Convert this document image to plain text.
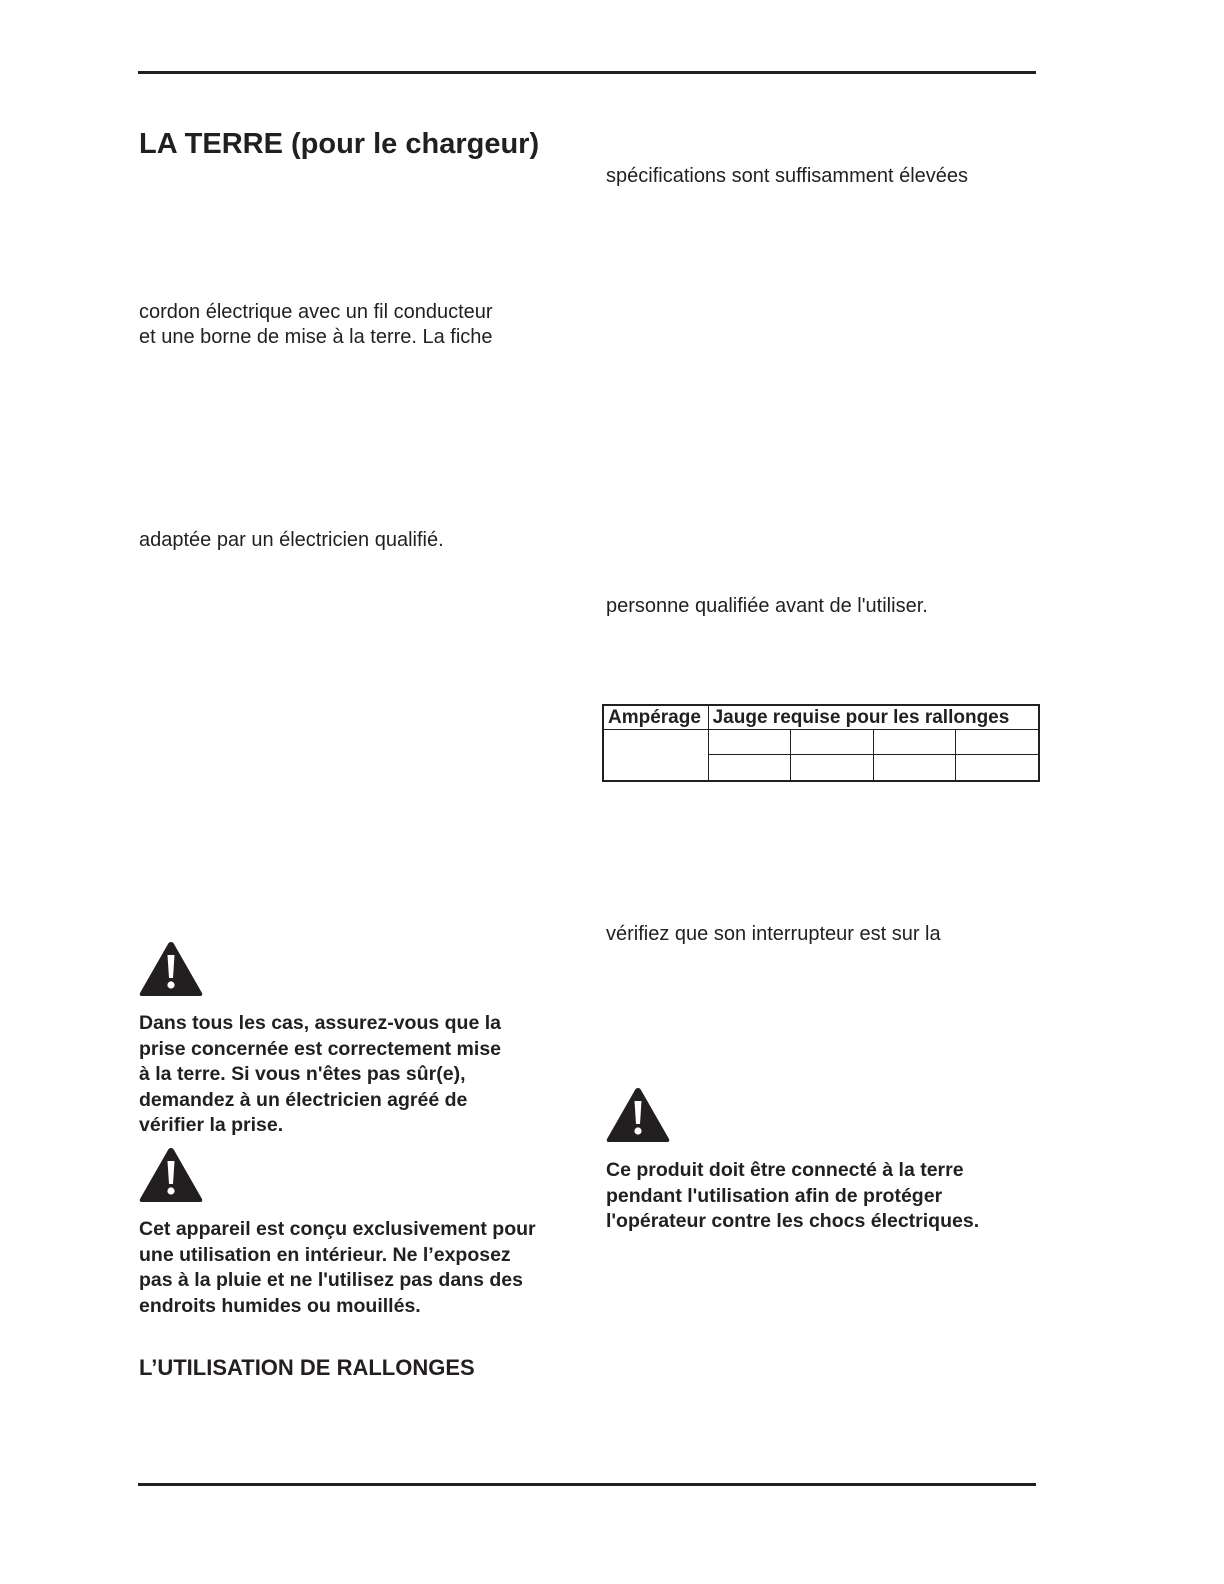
LA TERRE (pour le chargeur)
cordon électrique avec un fil conducteur
et une borne de mise à la terre. La fiche
adaptée par un électricien qualifié.
Dans tous les cas, assurez-vous que la
prise concernée est correctement mise
à la terre. Si vous n'êtes pas sûr(e),
demandez à un électricien agréé de
vérifier la prise.
Cet appareil est conçu exclusivement pour
une utilisation en intérieur. Ne l’exposez
pas à la pluie et ne l'utilisez pas dans des
endroits humides ou mouillés.
L’UTILISATION DE RALLONGES
spécifications sont suffisamment élevées
personne qualifiée avant de l'utiliser.
Ampérage	Jauge requise pour les rallonges			

vérifiez que son interrupteur est sur la
Ce produit doit être connecté à la terre
pendant l'utilisation afin de protéger
l'opérateur contre les chocs électriques.
